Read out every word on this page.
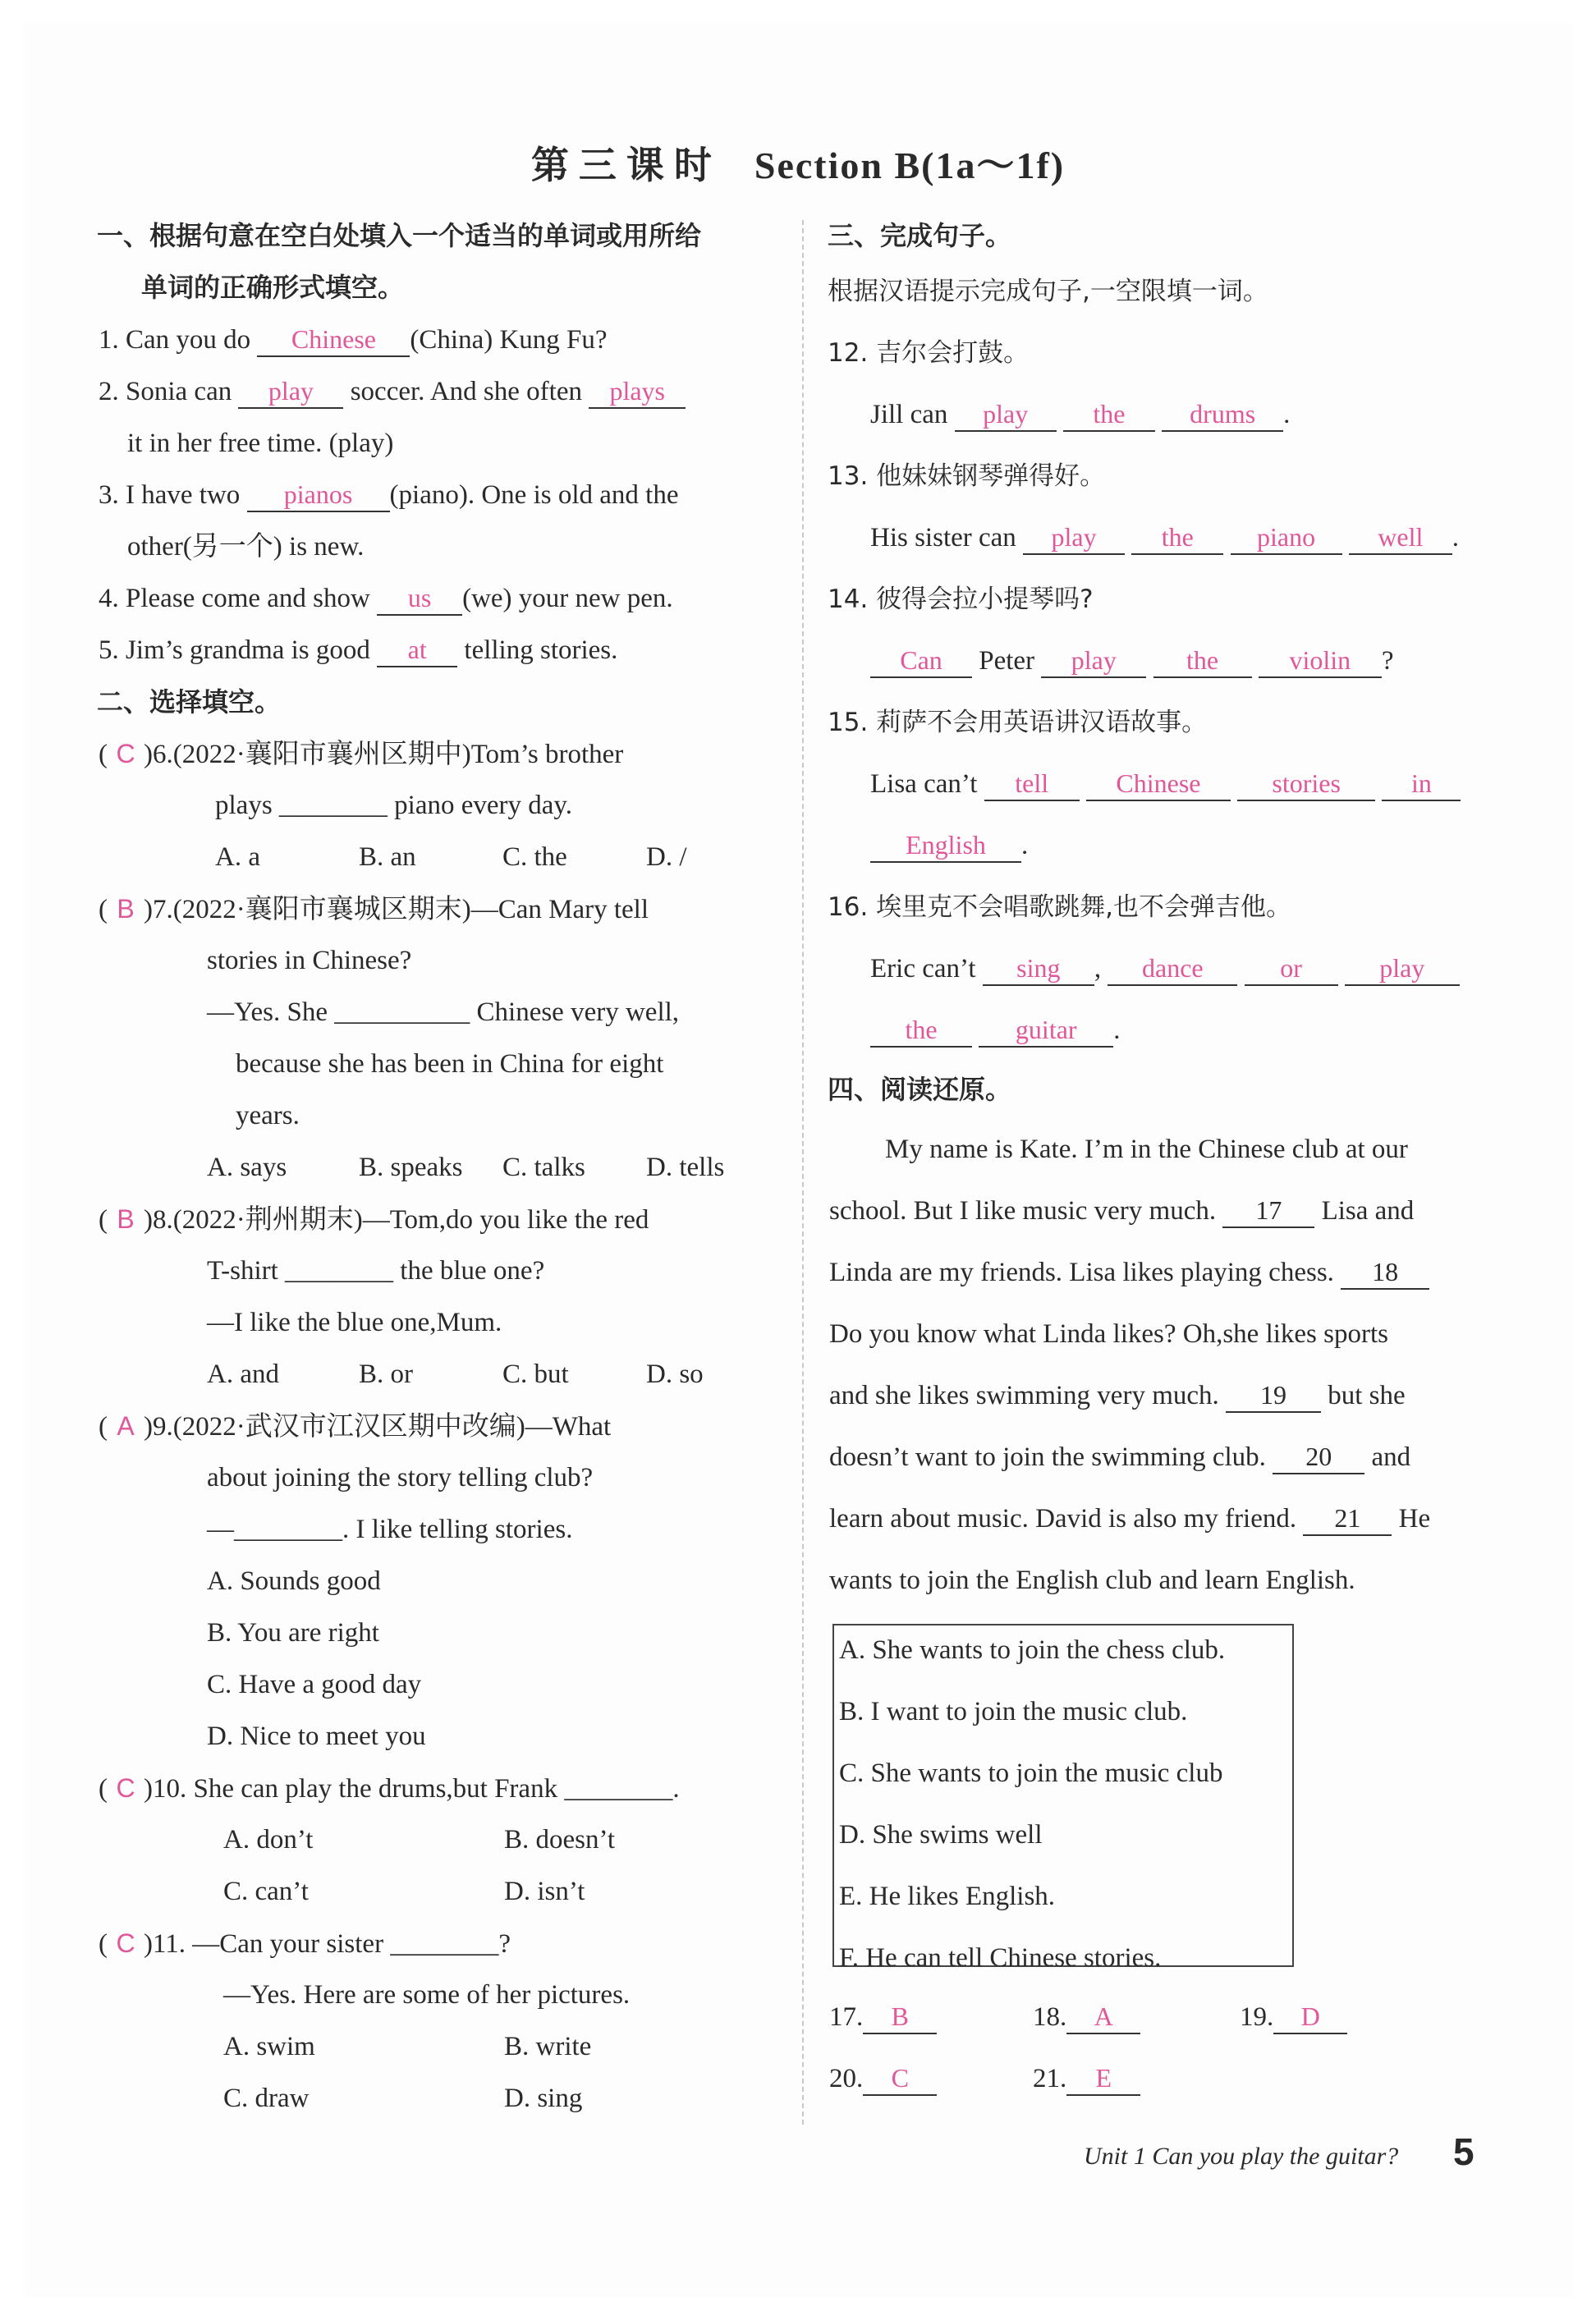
第三课时 Section B(1a～1f)
一、根据句意在空白处填入一个适当的单词或用所给
单词的正确形式填空。
1. Can you do Chinese (China) Kung Fu?
2. Sonia can play soccer. And she often plays
it in her free time. (play)
3. I have two pianos (piano). One is old and the
other(另一个) is new.
4. Please come and show us (we) your new pen.
5. Jim’s grandma is good at telling stories.
二、选择填空。
( C )6.(2022·襄阳市襄州区期中)Tom’s brother
plays ________ piano every day.
A. a	B. an	C. the	D. /
( B )7.(2022·襄阳市襄城区期末)—Can Mary tell
stories in Chinese?
—Yes. She __________ Chinese very well,
because she has been in China for eight
years.
A. says	B. speaks C. talks D. tells
( B )8.(2022·荆州期末)—Tom,do you like the red
T-shirt ________ the blue one?
—I like the blue one,Mum.
A. and	B. or	C. but	D. so
( A )9.(2022·武汉市江汉区期中改编)—What
about joining the story telling club?
—________. I like telling stories.
A. Sounds good
B. You are right
C. Have a good day
D. Nice to meet you
( C )10. She can play the drums,but Frank ________.
A. don’t	B. doesn’t
C. can’t	D. isn’t
( C )11. —Can your sister ________?
—Yes. Here are some of her pictures.
A. swim	B. write
C. draw	D. sing
三、完成句子。
根据汉语提示完成句子,一空限填一词。
12. 吉尔会打鼓。
Jill can play the drums .
13. 他妹妹钢琴弹得好。
His sister can play the piano well .
14. 彼得会拉小提琴吗?
Can Peter play	the	violin ?
15. 莉萨不会用英语讲汉语故事。
Lisa can’t tell	Chinese	stories	in
English .
16. 埃里克不会唱歌跳舞,也不会弹吉他。
Eric can’t sing , dance	or	play
the	guitar .
四、阅读还原。
My name is Kate. I’m in the Chinese club at our
school. But I like music very much. 17 Lisa and
Linda are my friends. Lisa likes playing chess. 18
Do you know what Linda likes? Oh,she likes sports
and she likes swimming very much. 19 but she
doesn’t want to join the swimming club. 20 and
learn about music. David is also my friend. 21 He
wants to join the English club and learn English.
A. She wants to join the chess club.
B. I want to join the music club.
C. She wants to join the music club
D. She swims well
E. He likes English.
F. He can tell Chinese stories.
17. B	18. A	19. D
20. C	21. E
Unit 1 Can you play the guitar? 5
